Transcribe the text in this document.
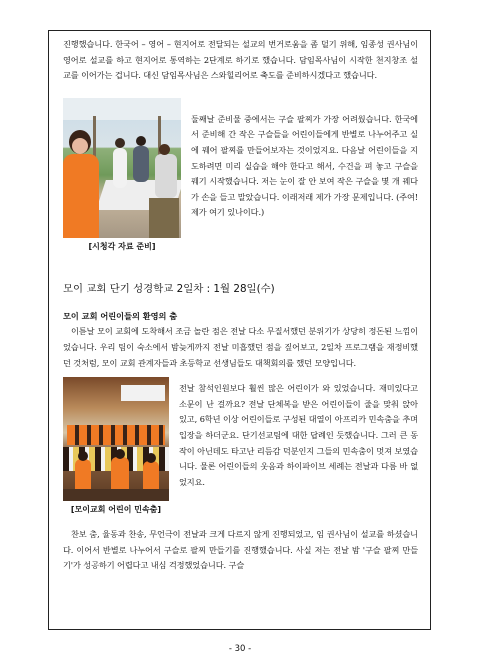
진행했습니다. 한국어 – 영어 – 현지어로 전달되는 설교의 번거로움을 좀 덜기 위해, 임종성 권사님이 영어로 설교를 하고 현지어로 통역하는 2단계로 하기로 했습니다. 담임목사님이 시작한 천지창조 설교를 이어가는 겁니다. 대신 담임목사님은 스와힐리어로 축도를 준비하시겠다고 했습니다.

[시청각 자료 준비]

둘째날 준비물 중에서는 구슬 팔찌가 가장 어려웠습니다. 한국에서 준비해 간 작은 구슬들을 어린이들에게 반별로 나누어주고 실에 꿰어 팔찌를 만들어보자는 것이었지요. 다음날 어린이들을 지도하려면 미리 실습을 해야 한다고 해서, 수건을 펴 놓고 구슬을 꿰기 시작했습니다. 저는 눈이 잘 안 보여 작은 구슬을 몇 개 꿰다가 손을 들고 말았습니다. 이래저래 제가 가장 문제입니다. (주여! 제가 여기 있나이다.)

모이 교회 단기 성경학교 2일차 : 1월 28일(수)
모이 교회 어린이들의 환영의 춤

이튿날 모이 교회에 도착해서 조금 놀란 점은 전날 다소 무질서했던 분위기가 상당히 정돈된 느낌이었습니다. 우리 팀이 숙소에서 밤늦게까지 전날 미흡했던 점을 짚어보고, 2일차 프로그램을 재정비했던 것처럼, 모이 교회 관계자들과 초등학교 선생님들도 대책회의를 했던 모양입니다.

[모이교회 어린이 민속춤]

전날 참석인원보다 훨씬 많은 어린이가 와 있었습니다. 재미있다고 소문이 난 걸까요? 전날 단체복을 받은 어린이들이 줄을 맞춰 앉아 있고, 6학년 이상 어린이들로 구성된 대열이 아프리카 민속춤을 추며 입장을 하더군요. 단기선교팀에 대한 답례인 듯했습니다. 그러 큰 동작이 아닌데도 타고난 리듬감 덕분인지 그들의 민속춤이 멋져 보였습니다. 물론 어린이들의 웃음과 하이파이브 세례는 전날과 다름 바 없었지요.

찬보 춤, 율동과 찬송, 무언극이 전날과 크게 다르지 않게 진행되었고, 임 권사님이 설교를 하셨습니다. 이어서 반별로 나누어서 구슬로 팔찌 만들기를 진행했습니다. 사실 저는 전날 밤 '구슬 팔찌 만들기'가 성공하기 어렵다고 내심 걱정했었습니다. 구슬

- 30 -
